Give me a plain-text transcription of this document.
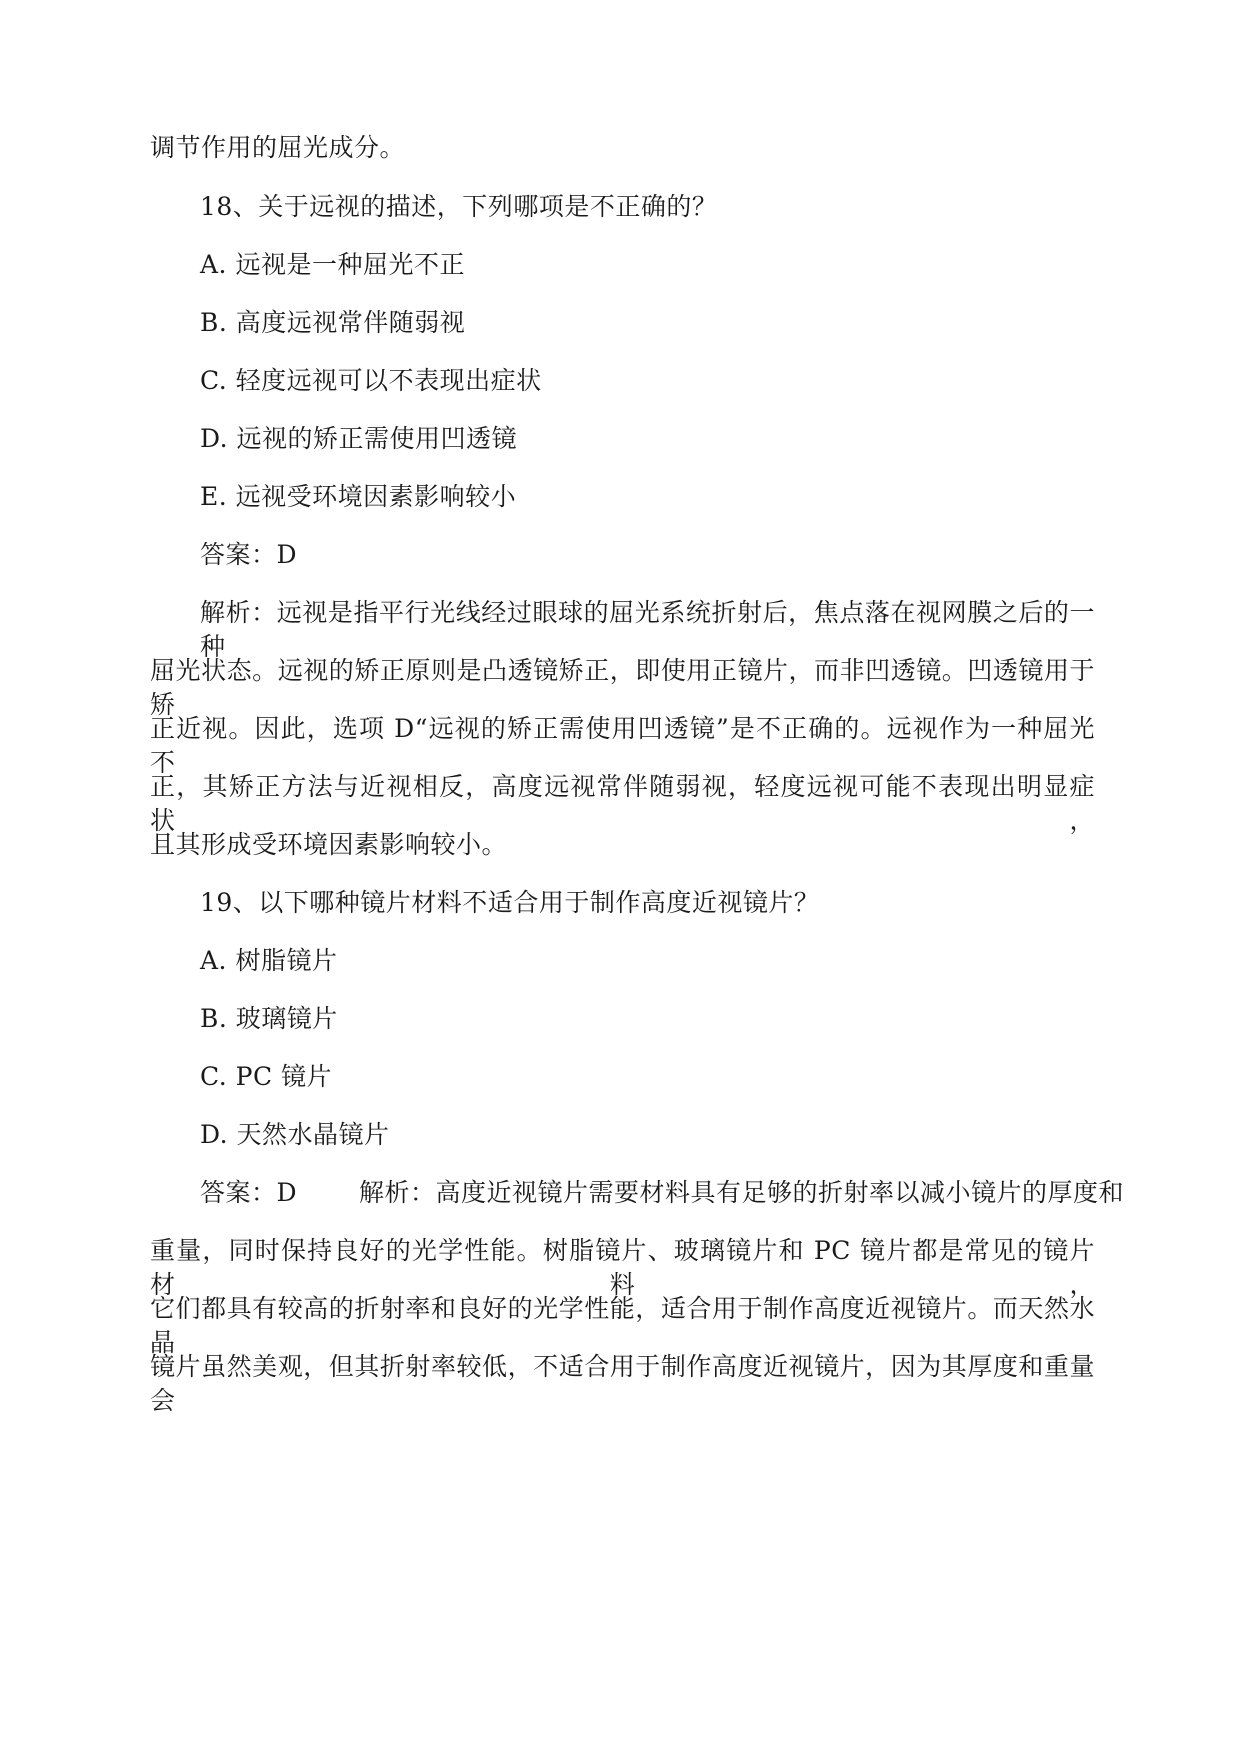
调节作用的屈光成分。
18、关于远视的描述，下列哪项是不正确的？
A. 远视是一种屈光不正
B. 高度远视常伴随弱视
C. 轻度远视可以不表现出症状
D. 远视的矫正需使用凹透镜
E. 远视受环境因素影响较小
答案：D
解析：远视是指平行光线经过眼球的屈光系统折射后，焦点落在视网膜之后的一种
屈光状态。远视的矫正原则是凸透镜矫正，即使用正镜片，而非凹透镜。凹透镜用于矫
正近视。因此，选项 D“远视的矫正需使用凹透镜”是不正确的。远视作为一种屈光不
正，其矫正方法与近视相反，高度远视常伴随弱视，轻度远视可能不表现出明显症状，
且其形成受环境因素影响较小。
19、以下哪种镜片材料不适合用于制作高度近视镜片？
A. 树脂镜片
B. 玻璃镜片
C. PC 镜片
D. 天然水晶镜片
答案：D 解析：高度近视镜片需要材料具有足够的折射率以减小镜片的厚度和
重量，同时保持良好的光学性能。树脂镜片、玻璃镜片和 PC 镜片都是常见的镜片材料，
它们都具有较高的折射率和良好的光学性能，适合用于制作高度近视镜片。而天然水晶
镜片虽然美观，但其折射率较低，不适合用于制作高度近视镜片，因为其厚度和重量会
